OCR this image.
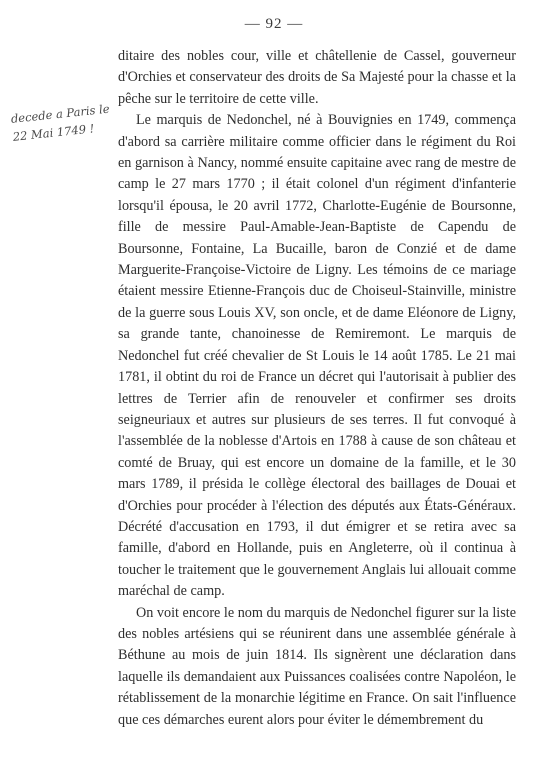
— 92 —
decede a Paris le
22 Mai 1749 !

ditaire des nobles cour, ville et châtellenie de Cassel, gouverneur d'Orchies et conservateur des droits de Sa Majesté pour la chasse et la pêche sur le territoire de cette ville.

Le marquis de Nedonchel, né à Bouvignies en 1749, commença d'abord sa carrière militaire comme officier dans le régiment du Roi en garnison à Nancy, nommé ensuite capitaine avec rang de mestre de camp le 27 mars 1770 ; il était colonel d'un régiment d'infanterie lorsqu'il épousa, le 20 avril 1772, Charlotte-Eugénie de Boursonne, fille de messire Paul-Amable-Jean-Baptiste de Capendu de Boursonne, Fontaine, La Bucaille, baron de Conzié et de dame Marguerite-Françoise-Victoire de Ligny. Les témoins de ce mariage étaient messire Etienne-François duc de Choiseul-Stainville, ministre de la guerre sous Louis XV, son oncle, et de dame Eléonore de Ligny, sa grande tante, chanoinesse de Remiremont. Le marquis de Nedonchel fut créé chevalier de St Louis le 14 août 1785. Le 21 mai 1781, il obtint du roi de France un décret qui l'autorisait à publier des lettres de Terrier afin de renouveler et confirmer ses droits seigneuriaux et autres sur plusieurs de ses terres. Il fut convoqué à l'assemblée de la noblesse d'Artois en 1788 à cause de son château et comté de Bruay, qui est encore un domaine de la famille, et le 30 mars 1789, il présida le collège électoral des baillages de Douai et d'Orchies pour procéder à l'élection des députés aux États-Généraux. Décrété d'accusation en 1793, il dut émigrer et se retira avec sa famille, d'abord en Hollande, puis en Angleterre, où il continua à toucher le traitement que le gouvernement Anglais lui allouait comme maréchal de camp.

On voit encore le nom du marquis de Nedonchel figurer sur la liste des nobles artésiens qui se réunirent dans une assemblée générale à Béthune au mois de juin 1814. Ils signèrent une déclaration dans laquelle ils demandaient aux Puissances coalisées contre Napoléon, le rétablissement de la monarchie légitime en France. On sait l'influence que ces démarches eurent alors pour éviter le démembrement du
